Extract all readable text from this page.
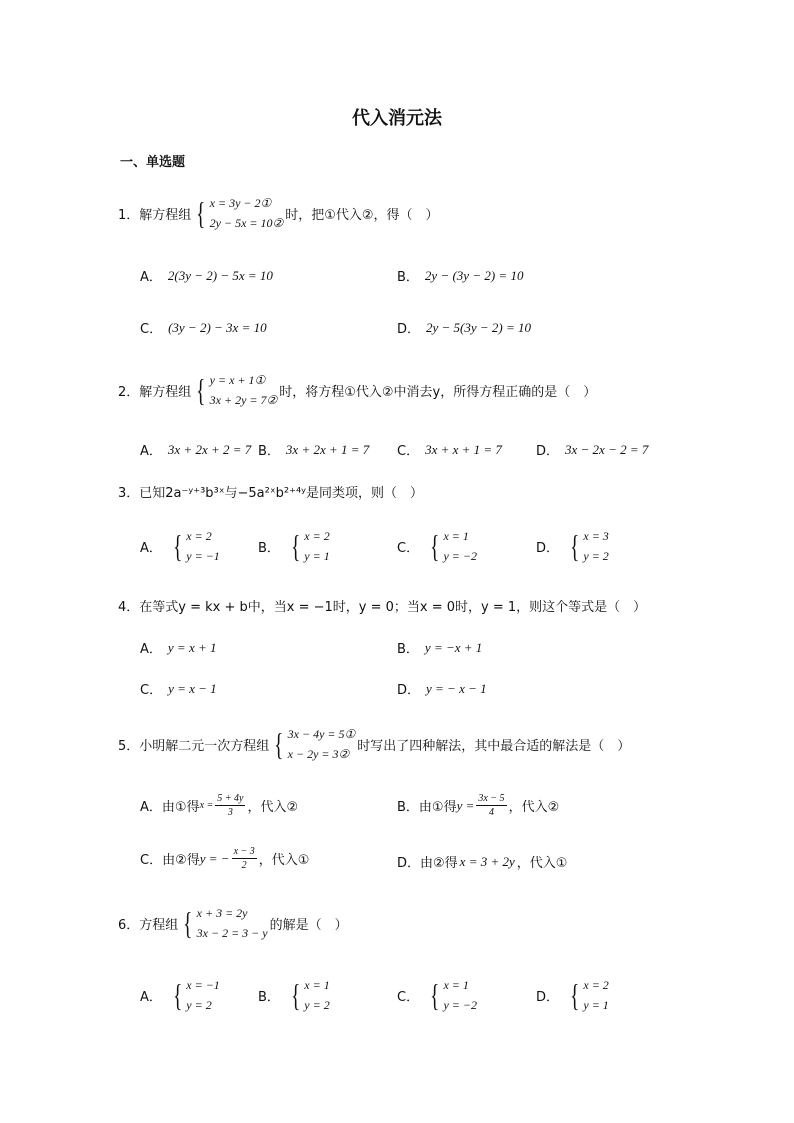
代入消元法
一、单选题
1．解方程组 { x = 3y − 2①
2y − 5x = 10②
时，把①代入②，得（　）
A． 2(3y − 2) − 5x = 10	B． 2y − (3y − 2) = 10
C． (3y − 2) − 3x = 10	D． 2y − 5(3y − 2) = 10
2．解方程组 { y = x + 1①
3x + 2y = 7②
时，将方程①代入②中消去y，所得方程正确的是（　）
A． 3x + 2x + 2 = 7 B． 3x + 2x + 1 = 7 C． 3x + x + 1 = 7	D． 3x − 2x − 2 = 7
3．已知2a⁻ʸ⁺³b³ˣ与−5a²ˣb²⁺⁴ʸ是同类项，则（　）
A． { x = 2
y = −1
B． { x = 2
y = 1
C． { x = 1
y = −2
D． { x = 3
y = 2
4．在等式y = kx + b中，当x = −1时，y = 0；当x = 0时，y = 1，则这个等式是（　）
A． y = x + 1	B． y = −x + 1
C． y = x − 1	D． y = − x − 1
5．小明解二元一次方程组 { 3x − 4y = 5①
x − 2y = 3②
时写出了四种解法，其中最合适的解法是（　）
A．由①得 $x = \frac{5 + 4y}{3}$ ，代入②	B．由①得 $y = \frac{3x - 5}{4}$ ，代入②
C．由②得 y = − $\frac{x - 3}{2}$ ，代入①	D．由②得 x = 3 + 2y ，代入①
6．方程组 { x + 3 = 2y
3x − 2 = 3 − y
的解是（　）
A． { x = −1
y = 2
B． { x = 1
y = 2
C． { x = 1
y = −2
D． { x = 2
y = 1
